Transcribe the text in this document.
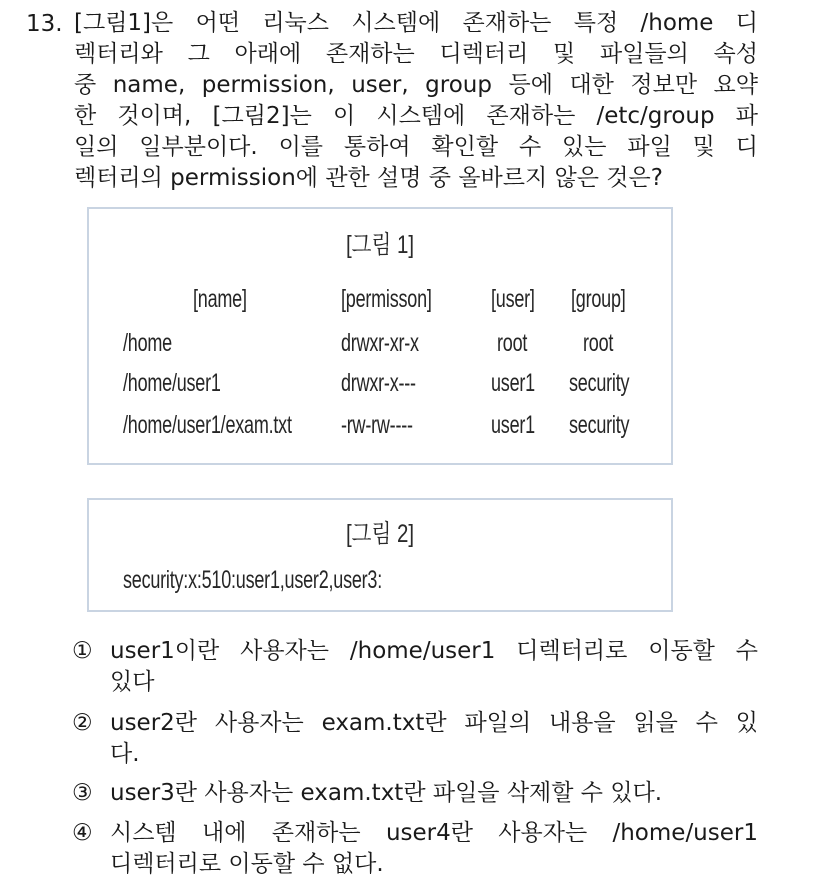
13. [그림1]은 어떤 리눅스 시스템에 존재하는 특정 /home 디
렉터리와 그 아래에 존재하는 디렉터리 및 파일들의 속성
중 name, permission, user, group 등에 대한 정보만 요약
한 것이며, [그림2]는 이 시스템에 존재하는 /etc/group 파
일의 일부분이다. 이를 통하여 확인할 수 있는 파일 및 디
렉터리의 permission에 관한 설명 중 올바르지 않은 것은?
[그림 1]
[name]	[permisson] [user] [group]
/home	drwxr-xr-x	root root
/home/user1	drwxr-x---	user1 security
/home/user1/exam.txt -rw-rw----	user1 security
[그림 2]
security:x:510:user1,user2,user3:
① user1이란 사용자는 /home/user1 디렉터리로 이동할 수
있다
② user2란 사용자는 exam.txt란 파일의 내용을 읽을 수 있
다.
③ user3란 사용자는 exam.txt란 파일을 삭제할 수 있다.
④ 시스템 내에 존재하는 user4란 사용자는 /home/user1
디렉터리로 이동할 수 없다.
